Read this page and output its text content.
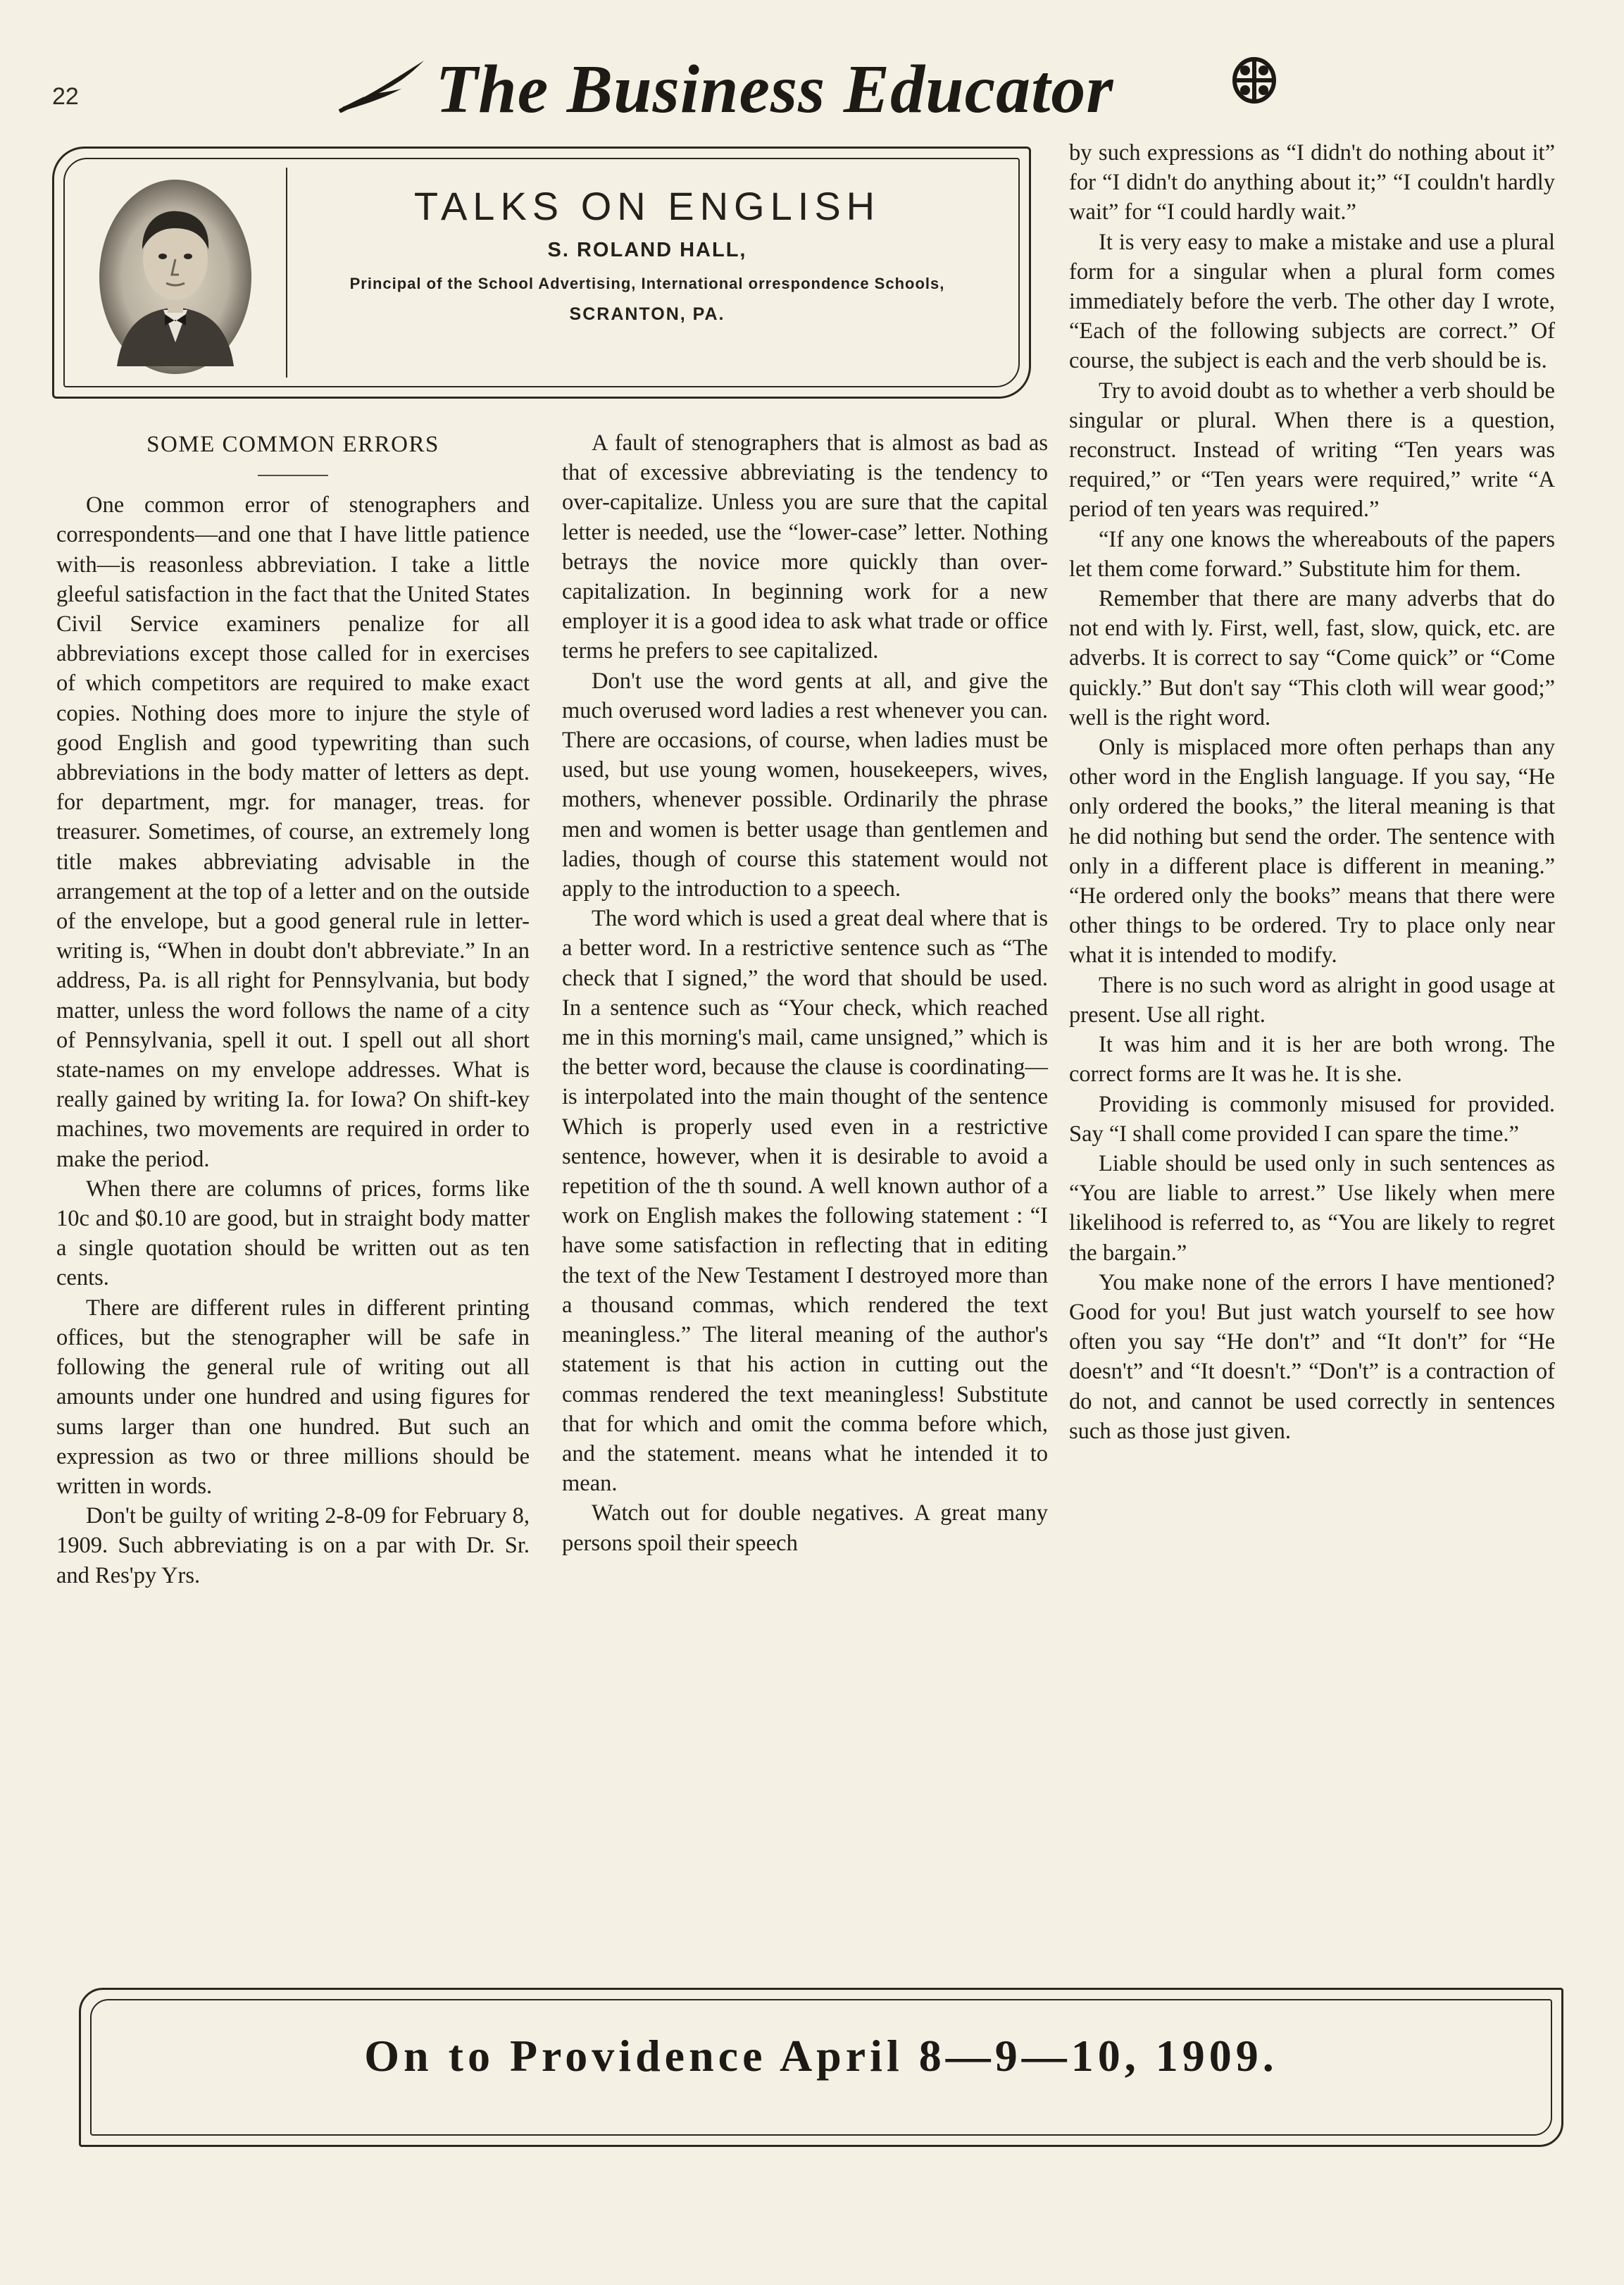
22	The Business Educator
TALKS ON ENGLISH
S. ROLAND HALL,
Principal of the School Advertising, International orrespondence Schools,
SCRANTON, PA.
SOME COMMON ERRORS

One common error of stenographers and correspondents—and one that I have little patience with—is reasonless abbreviation. I take a little gleeful satisfaction in the fact that the United States Civil Service examiners penalize for all abbreviations except those called for in exercises of which competitors are required to make exact copies. Nothing does more to injure the style of good English and good typewriting than such abbreviations in the body matter of letters as dept. for department, mgr. for manager, treas. for treasurer. Sometimes, of course, an extremely long title makes abbreviating advisable in the arrangement at the top of a letter and on the outside of the envelope, but a good general rule in letter-writing is, “When in doubt don't abbreviate.” In an address, Pa. is all right for Pennsylvania, but body matter, unless the word follows the name of a city of Pennsylvania, spell it out. I spell out all short state-names on my envelope addresses. What is really gained by writing Ia. for Iowa? On shift-key machines, two movements are required in order to make the period.

When there are columns of prices, forms like 10c and $0.10 are good, but in straight body matter a single quotation should be written out as ten cents.

There are different rules in different printing offices, but the stenographer will be safe in following the general rule of writing out all amounts under one hundred and using figures for sums larger than one hundred. But such an expression as two or three millions should be written in words.

Don't be guilty of writing 2-8-09 for February 8, 1909. Such abbreviating is on a par with Dr. Sr. and Res'py Yrs.

A fault of stenographers that is almost as bad as that of excessive abbreviating is the tendency to over-capitalize. Unless you are sure that the capital letter is needed, use the “lower-case” letter. Nothing betrays the novice more quickly than over-capitalization. In beginning work for a new employer it is a good idea to ask what trade or office terms he prefers to see capitalized.

Don't use the word gents at all, and give the much overused word ladies a rest whenever you can. There are occasions, of course, when ladies must be used, but use young women, housekeepers, wives, mothers, whenever possible. Ordinarily the phrase men and women is better usage than gentlemen and ladies, though of course this statement would not apply to the introduction to a speech.

The word which is used a great deal where that is a better word. In a restrictive sentence such as “The check that I signed,” the word that should be used. In a sentence such as “Your check, which reached me in this morning's mail, came unsigned,” which is the better word, because the clause is coordinating—is interpolated into the main thought of the sentence Which is properly used even in a restrictive sentence, however, when it is desirable to avoid a repetition of the th sound. A well known author of a work on English makes the following statement : “I have some satisfaction in reflecting that in editing the text of the New Testament I destroyed more than a thousand commas, which rendered the text meaningless.” The literal meaning of the author's statement is that his action in cutting out the commas rendered the text meaningless! Substitute that for which and omit the comma before which, and the statement. means what he intended it to mean.

Watch out for double negatives. A great many persons spoil their speech

by such expressions as “I didn't do nothing about it” for “I didn't do anything about it;” “I couldn't hardly wait” for “I could hardly wait.”

It is very easy to make a mistake and use a plural form for a singular when a plural form comes immediately before the verb. The other day I wrote, “Each of the following subjects are correct.” Of course, the subject is each and the verb should be is.

Try to avoid doubt as to whether a verb should be singular or plural. When there is a question, reconstruct. Instead of writing “Ten years was required,” or “Ten years were required,” write “A period of ten years was required.”

“If any one knows the whereabouts of the papers let them come forward.” Substitute him for them.

Remember that there are many adverbs that do not end with ly. First, well, fast, slow, quick, etc. are adverbs. It is correct to say “Come quick” or “Come quickly.” But don't say “This cloth will wear good;” well is the right word.

Only is misplaced more often perhaps than any other word in the English language. If you say, “He only ordered the books,” the literal meaning is that he did nothing but send the order. The sentence with only in a different place is different in meaning.” “He ordered only the books” means that there were other things to be ordered. Try to place only near what it is intended to modify.

There is no such word as alright in good usage at present. Use all right.

It was him and it is her are both wrong. The correct forms are It was he. It is she.

Providing is commonly misused for provided. Say “I shall come provided I can spare the time.”

Liable should be used only in such sentences as “You are liable to arrest.” Use likely when mere likelihood is referred to, as “You are likely to regret the bargain.”

You make none of the errors I have mentioned? Good for you! But just watch yourself to see how often you say “He don't” and “It don't” for “He doesn't” and “It doesn't.” “Don't” is a contraction of do not, and cannot be used correctly in sentences such as those just given.

On to Providence April 8—9—10, 1909.
